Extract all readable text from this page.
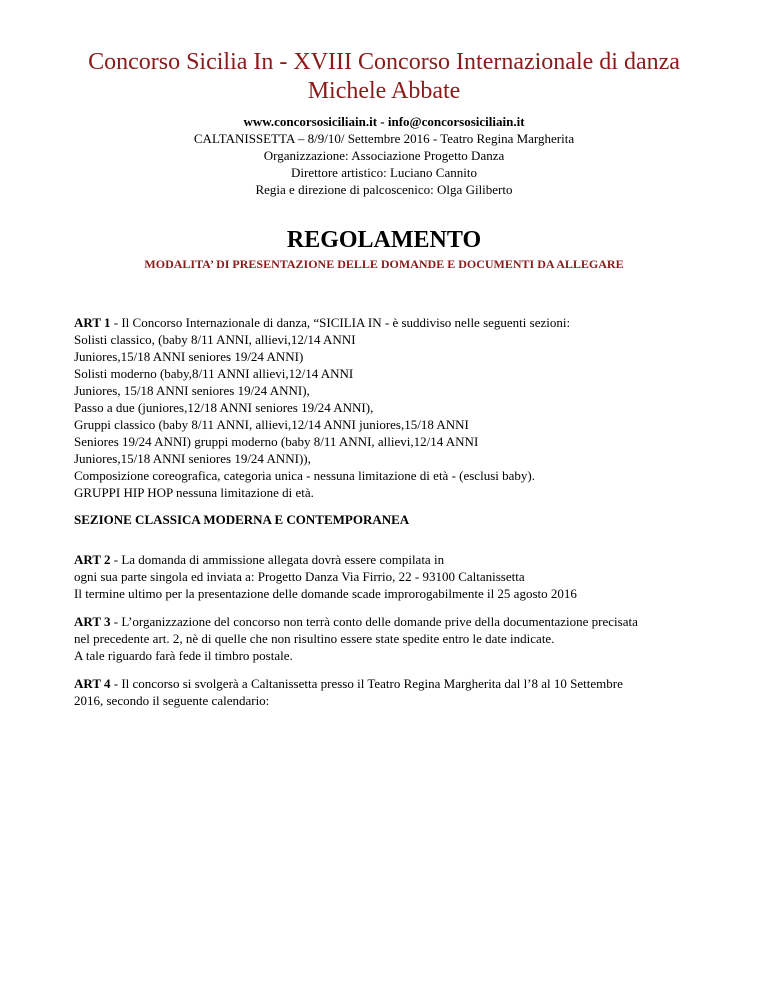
Concorso Sicilia In - XVIII Concorso Internazionale di danza
Michele Abbate
www.concorsosiciliain.it - info@concorsosiciliain.it
CALTANISSETTA – 8/9/10/ Settembre 2016 - Teatro Regina Margherita
Organizzazione: Associazione Progetto Danza
Direttore artistico: Luciano Cannito
Regia e direzione di palcoscenico: Olga Giliberto
REGOLAMENTO
MODALITA’ DI PRESENTAZIONE DELLE DOMANDE E DOCUMENTI DA ALLEGARE
ART 1 - Il Concorso Internazionale di danza, “SICILIA IN - è suddiviso nelle seguenti sezioni:
Solisti classico, (baby 8/11 ANNI, allievi,12/14 ANNI
Juniores,15/18 ANNI seniores 19/24 ANNI)
Solisti moderno (baby,8/11 ANNI allievi,12/14 ANNI
Juniores, 15/18 ANNI seniores 19/24 ANNI),
Passo a due (juniores,12/18 ANNI seniores 19/24 ANNI),
Gruppi classico (baby 8/11 ANNI, allievi,12/14 ANNI juniores,15/18 ANNI
Seniores 19/24 ANNI) gruppi moderno (baby 8/11 ANNI, allievi,12/14 ANNI
Juniores,15/18 ANNI seniores 19/24 ANNI)),
Composizione coreografica, categoria unica - nessuna limitazione di età - (esclusi baby).
GRUPPI HIP HOP nessuna limitazione di età.
SEZIONE CLASSICA MODERNA E CONTEMPORANEA
ART 2 - La domanda di ammissione allegata dovrà essere compilata in
ogni sua parte singola ed inviata a: Progetto Danza Via Firrio, 22 - 93100 Caltanissetta
Il termine ultimo per la presentazione delle domande scade improrogabilmente il 25 agosto 2016
ART 3 - L’organizzazione del concorso non terrà conto delle domande prive della documentazione precisata
nel precedente art. 2, nè di quelle che non risultino essere state spedite entro le date indicate.
A tale riguardo farà fede il timbro postale.
ART 4 - Il concorso si svolgerà a Caltanissetta presso il Teatro Regina Margherita dal l’8 al 10 Settembre
2016, secondo il seguente calendario:
